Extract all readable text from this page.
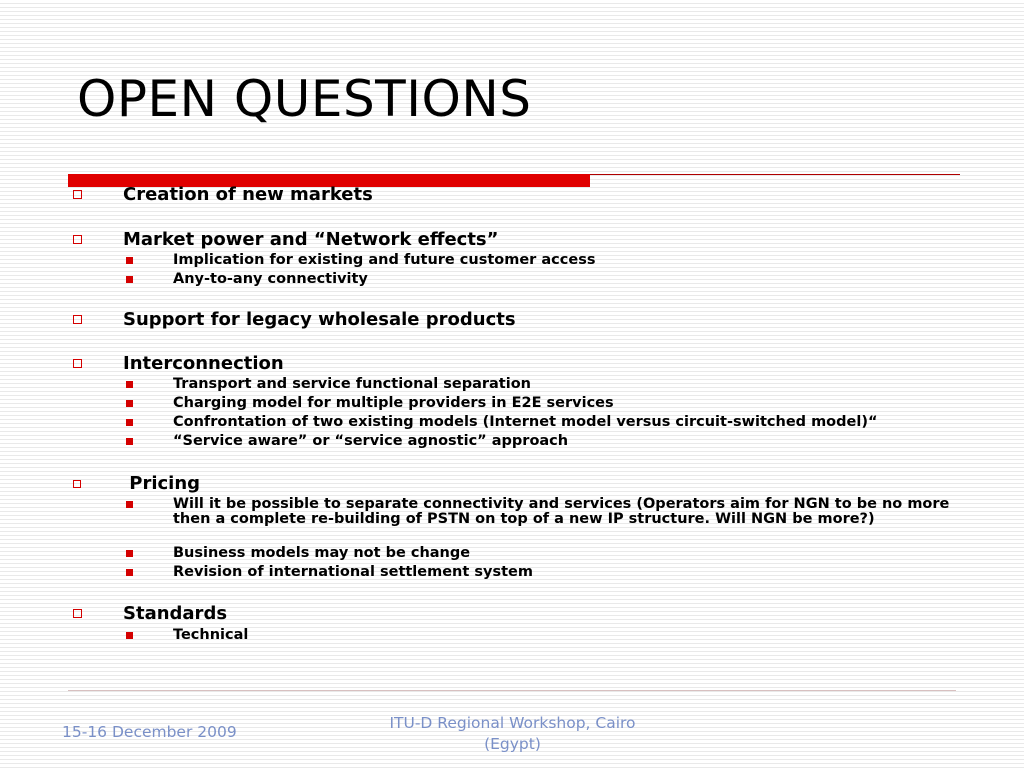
OPEN QUESTIONS
Creation of new markets
Market power and “Network effects”
Implication for existing and future customer access
Any-to-any connectivity
Support for legacy wholesale products
Interconnection
Transport and service functional separation
Charging model for multiple providers in E2E services
Confrontation of two existing models (Internet model versus circuit-switched model)“
“Service aware” or “service agnostic” approach
Pricing
Will it be possible to separate connectivity and services (Operators aim for NGN to be no more then a complete re-building of PSTN on top of a new IP structure. Will NGN be more?)
Business models may not be change
Revision of international settlement system
Standards
Technical
15-16 December 2009	ITU-D Regional Workshop, Cairo
(Egypt)
